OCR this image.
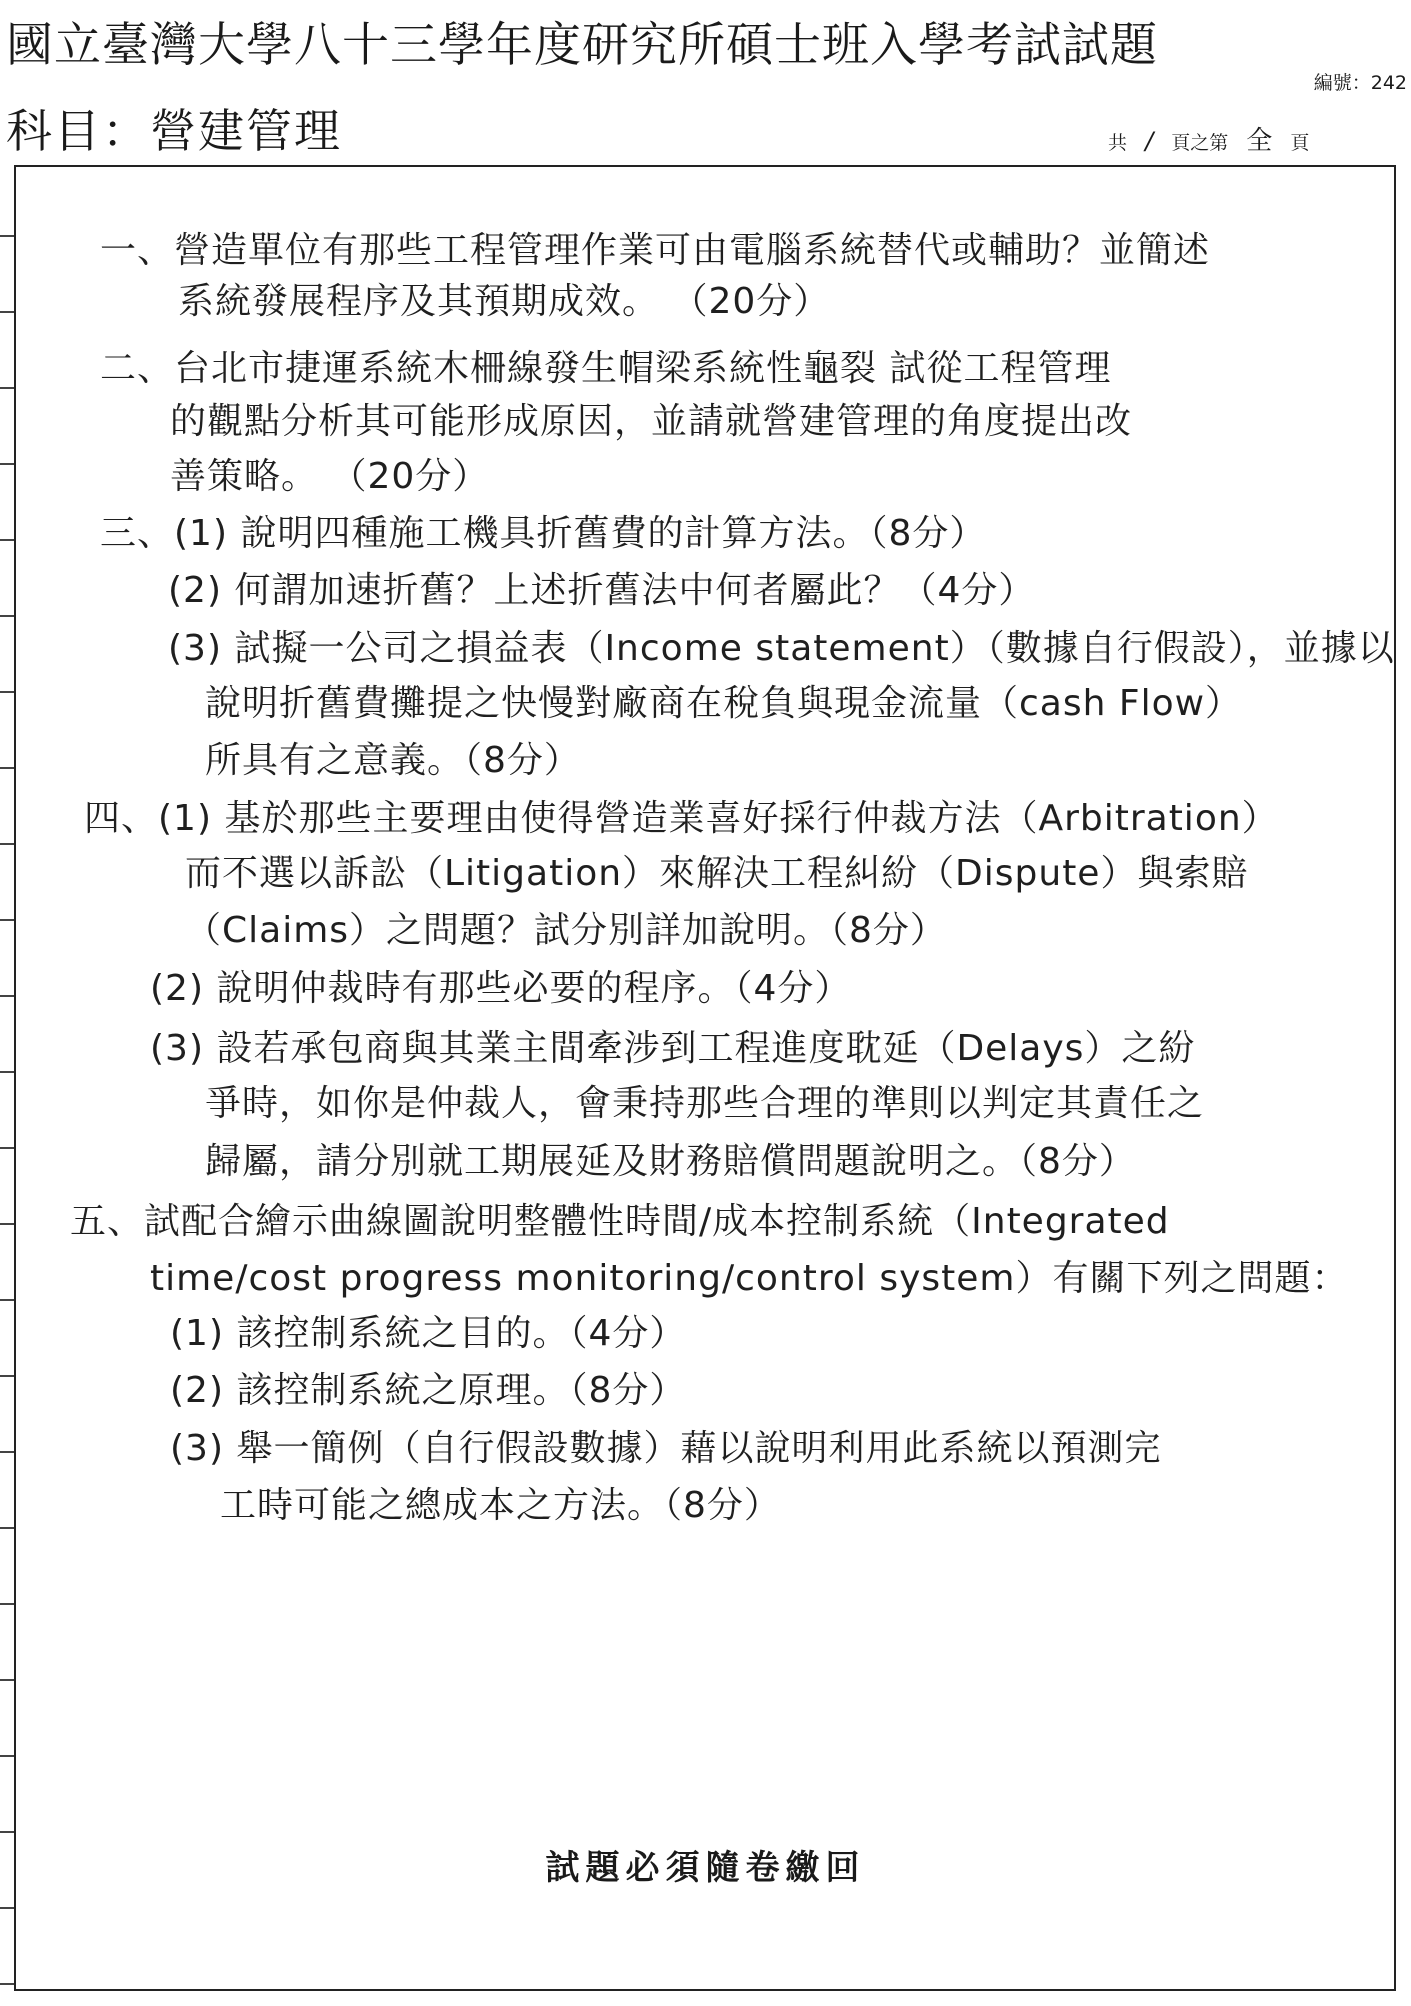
國立臺灣大學八十三學年度研究所碩士班入學考試試題
編號：242
科目：營建管理	共 / 頁之第 全 頁

一、營造單位有那些工程管理作業可由電腦系統替代或輔助？並簡述

系統發展程序及其預期成效。 （20分）

二、台北市捷運系統木柵線發生帽梁系統性龜裂 試從工程管理

的觀點分析其可能形成原因，並請就營建管理的角度提出改

善策略。 （20分）

三、(1) 說明四種施工機具折舊費的計算方法。（8分）

(2) 何謂加速折舊？上述折舊法中何者屬此？（4分）

(3) 試擬一公司之損益表（Income statement）（數據自行假設），並據以

說明折舊費攤提之快慢對廠商在稅負與現金流量（cash Flow）

所具有之意義。（8分）

四、(1) 基於那些主要理由使得營造業喜好採行仲裁方法（Arbitration）

而不選以訴訟（Litigation）來解決工程糾紛（Dispute）與索賠

（Claims）之問題？試分別詳加說明。（8分）

(2) 說明仲裁時有那些必要的程序。（4分）

(3) 設若承包商與其業主間牽涉到工程進度耽延（Delays）之紛

爭時，如你是仲裁人，會秉持那些合理的準則以判定其責任之

歸屬，請分別就工期展延及財務賠償問題說明之。（8分）

五、試配合繪示曲線圖說明整體性時間/成本控制系統（Integrated

time/cost progress monitoring/control system）有關下列之問題：

(1) 該控制系統之目的。（4分）

(2) 該控制系統之原理。（8分）

(3) 舉一簡例（自行假設數據）藉以說明利用此系統以預測完

工時可能之總成本之方法。（8分）

試題必須隨卷繳回
